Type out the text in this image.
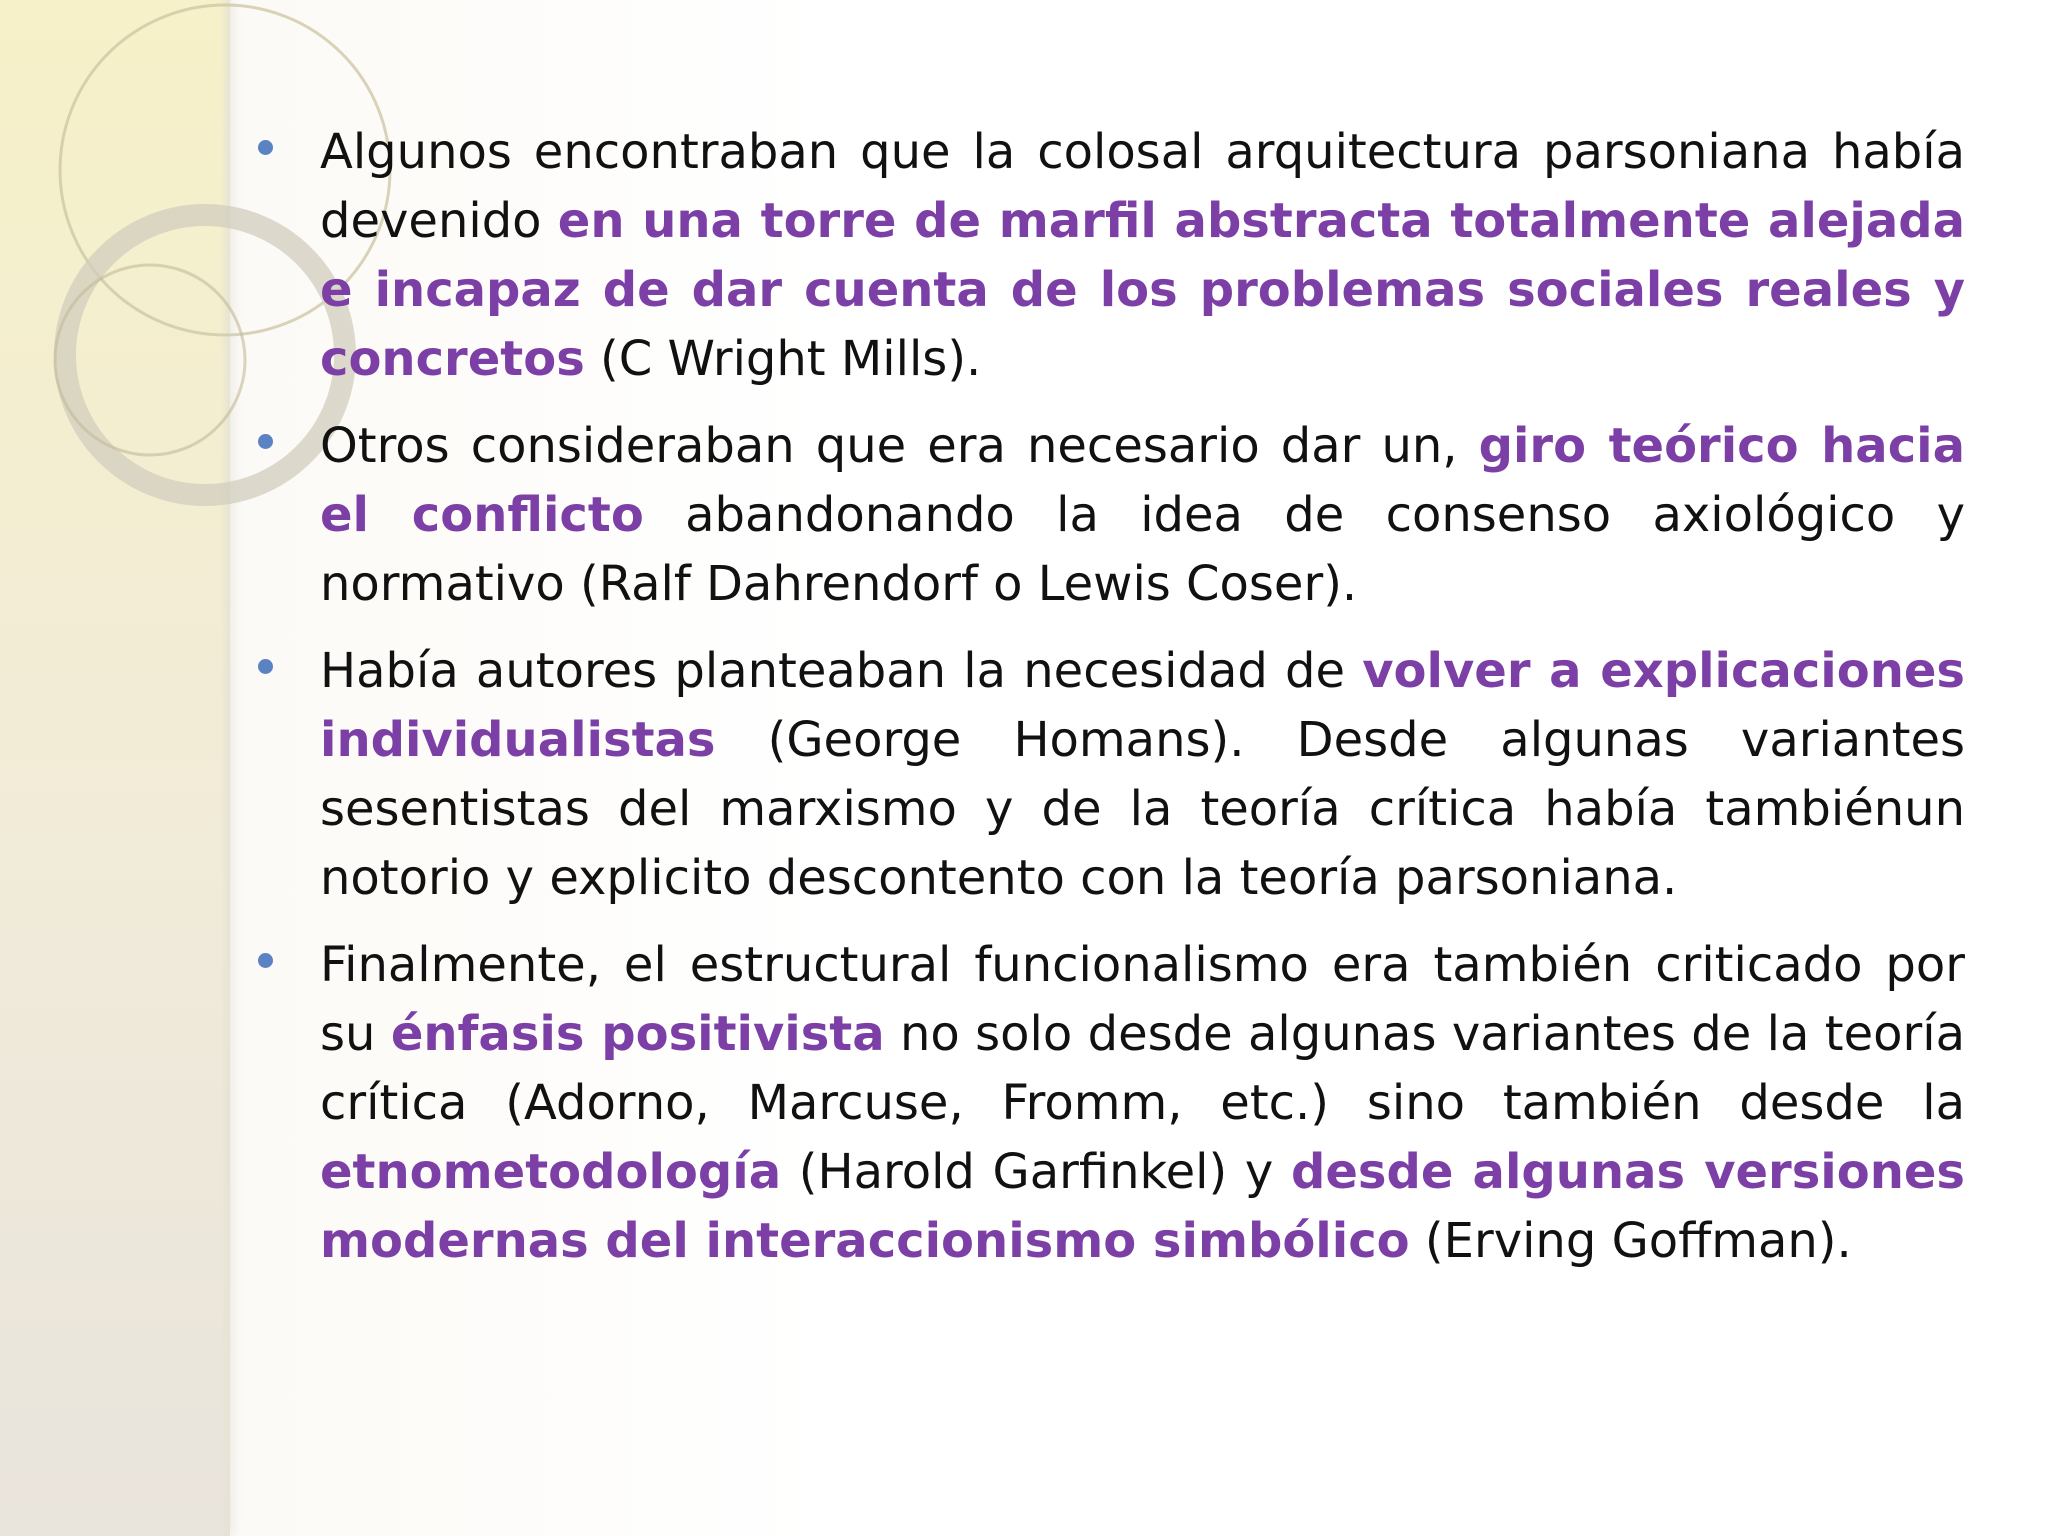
Algunos encontraban que la colosal arquitectura parsoniana había devenido en una torre de marfil abstracta totalmente alejada e incapaz de dar cuenta de los problemas sociales reales y concretos (C Wright Mills).
Otros consideraban que era necesario dar un, giro teórico hacia el conflicto abandonando la idea de consenso axiológico y normativo (Ralf Dahrendorf o Lewis Coser).
Había autores planteaban la necesidad de volver a explicaciones individualistas (George Homans). Desde algunas variantes sesentistas del marxismo y de la teoría crítica había tambiénun notorio y explicito descontento con la teoría parsoniana.
Finalmente, el estructural funcionalismo era también criticado por su énfasis positivista no solo desde algunas variantes de la teoría crítica (Adorno, Marcuse, Fromm, etc.) sino también desde la etnometodología (Harold Garfinkel) y desde algunas versiones modernas del interaccionismo simbólico (Erving Goffman).
